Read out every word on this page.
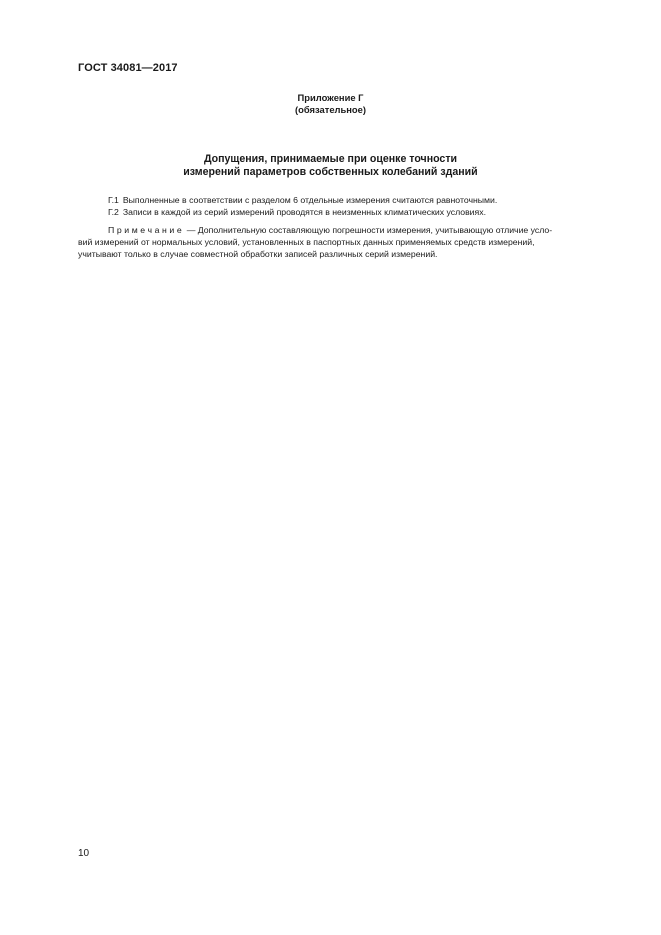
ГОСТ 34081—2017
Приложение Г
(обязательное)
Допущения, принимаемые при оценке точности
измерений параметров собственных колебаний зданий
Г.1 Выполненные в соответствии с разделом 6 отдельные измерения считаются равноточными.
Г.2 Записи в каждой из серий измерений проводятся в неизменных климатических условиях.
Примечание — Дополнительную составляющую погрешности измерения, учитывающую отличие усло-
вий измерений от нормальных условий, установленных в паспортных данных применяемых средств измерений,
учитывают только в случае совместной обработки записей различных серий измерений.
10
